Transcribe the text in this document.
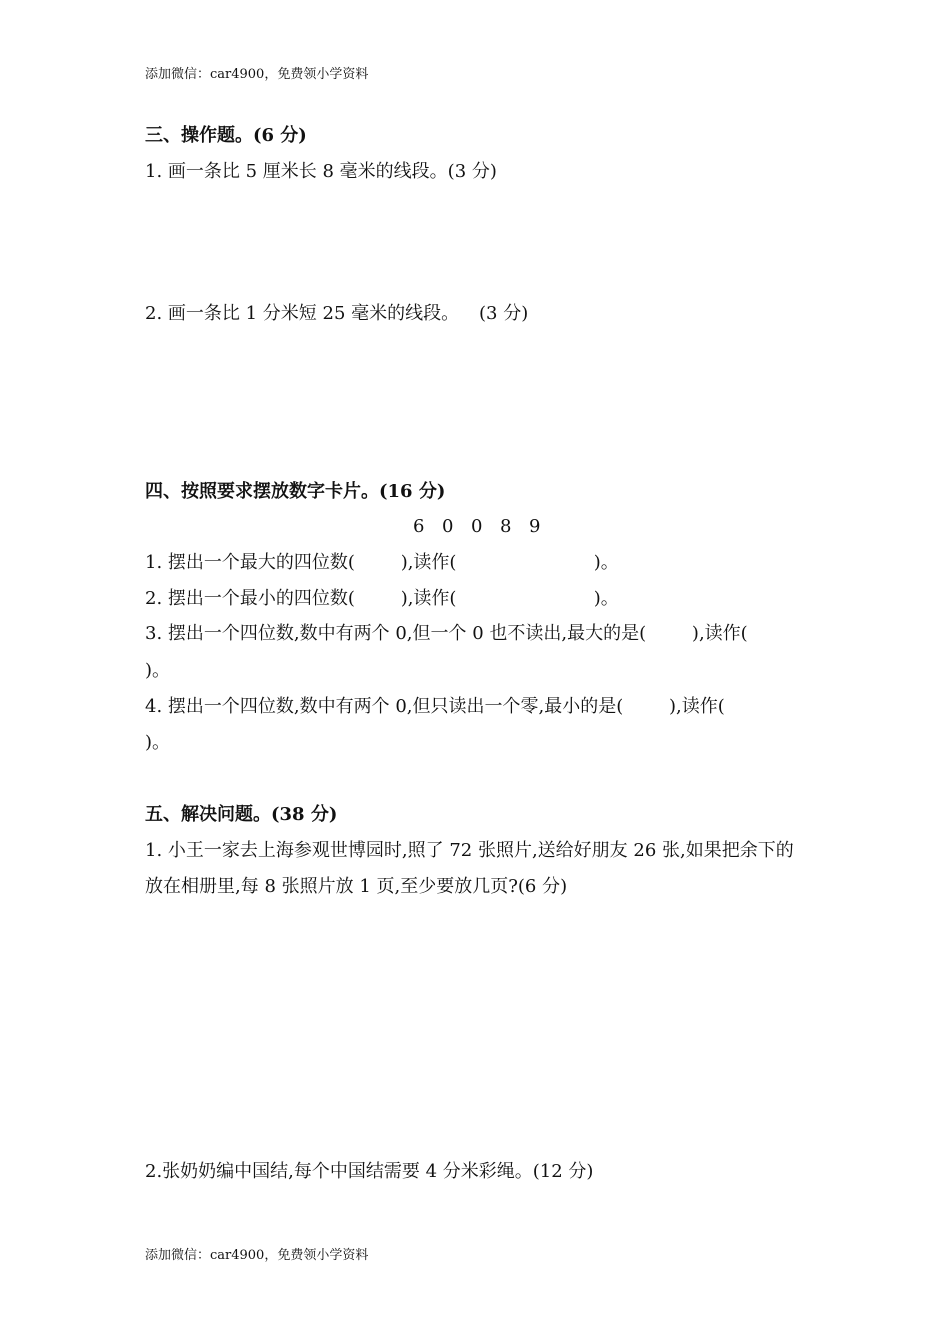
添加微信：car4900，免费领小学资料
三、操作题。(6 分)
1. 画一条比 5 厘米长 8 毫米的线段。(3 分)
2. 画一条比 1 分米短 25 毫米的线段。 (3 分)
四、按照要求摆放数字卡片。(16 分)
6 0 0 8 9
1. 摆出一个最大的四位数(        ),读作(                        )。
2. 摆出一个最小的四位数(        ),读作(                        )。
3. 摆出一个四位数,数中有两个 0,但一个 0 也不读出,最大的是(        ),读作(
)。
4. 摆出一个四位数,数中有两个 0,但只读出一个零,最小的是(        ),读作(
)。
五、解决问题。(38 分)
1. 小王一家去上海参观世博园时,照了 72 张照片,送给好朋友 26 张,如果把余下的
放在相册里,每 8 张照片放 1 页,至少要放几页?(6 分)
2.张奶奶编中国结,每个中国结需要 4 分米彩绳。(12 分)
添加微信：car4900，免费领小学资料
